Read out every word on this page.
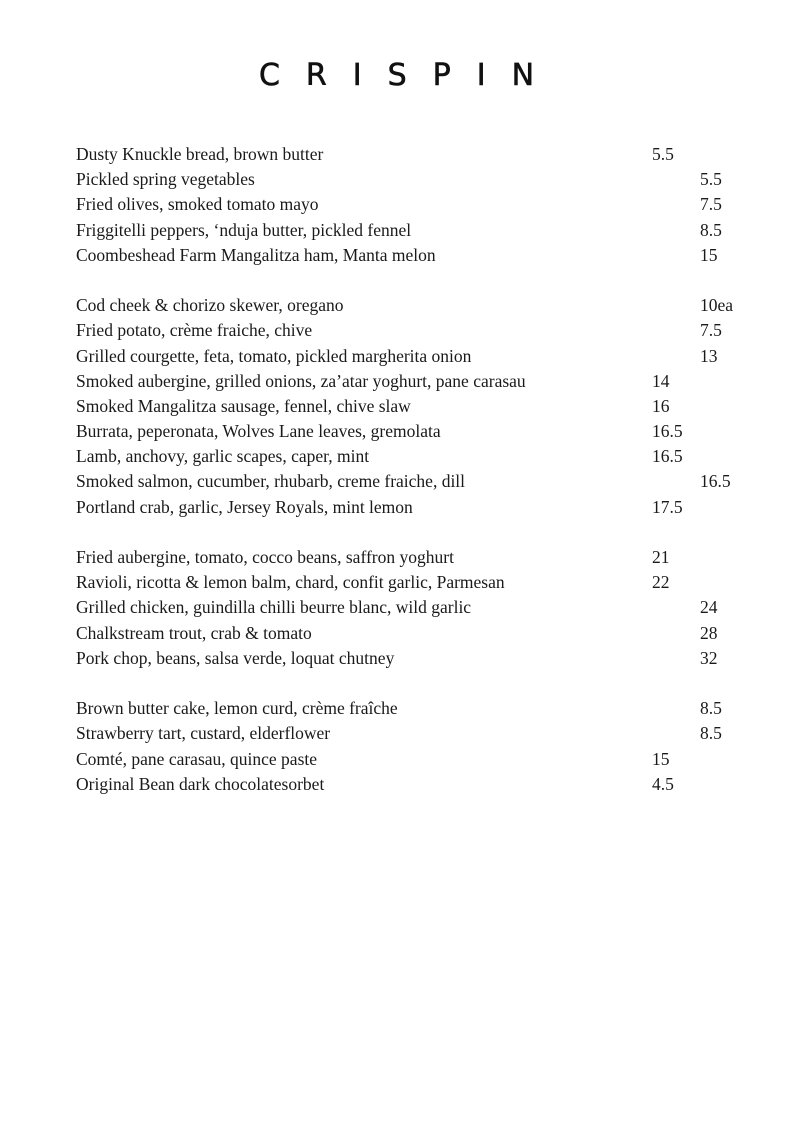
CRISPIN
Dusty Knuckle bread, brown butter	5.5
Pickled spring vegetables	5.5
Fried olives, smoked tomato mayo	7.5
Friggitelli peppers, ‘nduja butter, pickled fennel	8.5
Coombeshead Farm Mangalitza ham, Manta melon	15
Cod cheek & chorizo skewer, oregano	10ea
Fried potato, crème fraiche, chive	7.5
Grilled courgette, feta, tomato, pickled margherita onion	13
Smoked aubergine, grilled onions, za’atar yoghurt, pane carasau	14
Smoked Mangalitza sausage, fennel, chive slaw	16
Burrata, peperonata, Wolves Lane leaves, gremolata	16.5
Lamb, anchovy, garlic scapes, caper, mint	16.5
Smoked salmon, cucumber, rhubarb, creme fraiche, dill	16.5
Portland crab, garlic, Jersey Royals, mint lemon	17.5
Fried aubergine, tomato, cocco beans, saffron yoghurt	21
Ravioli, ricotta & lemon balm, chard, confit garlic, Parmesan	22
Grilled chicken, guindilla chilli beurre blanc, wild garlic	24
Chalkstream trout, crab & tomato	28
Pork chop, beans, salsa verde, loquat chutney	32
Brown butter cake, lemon curd, crème fraîche	8.5
Strawberry tart, custard, elderflower	8.5
Comté, pane carasau, quince paste	15
Original Bean dark chocolatesorbet	4.5
